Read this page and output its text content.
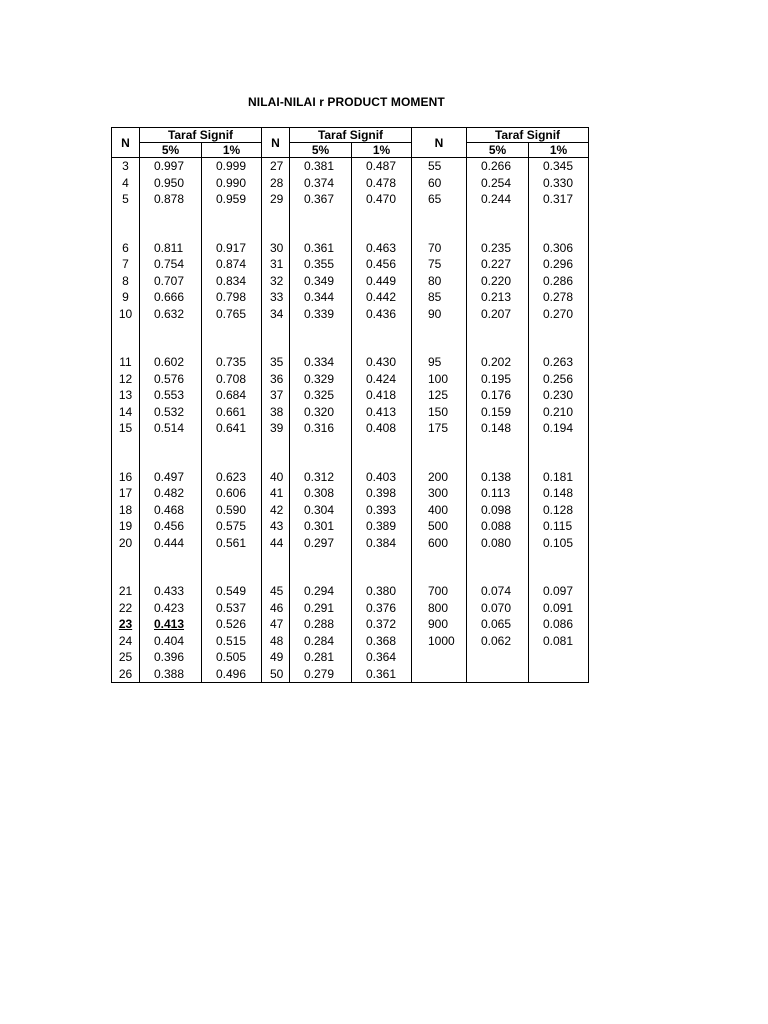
NILAI-NILAI r PRODUCT MOMENT
N	Taraf Signif		N	Taraf Signif		N	Taraf Signif	
	5%	1%		5%	1%		5%	1%
3	0.997	0.999	27	0.381	0.487	55	0.266	0.345
4	0.950	0.990	28	0.374	0.478	60	0.254	0.330
5	0.878	0.959	29	0.367	0.470	65	0.244	0.317

6	0.811	0.917	30	0.361	0.463	70	0.235	0.306
7	0.754	0.874	31	0.355	0.456	75	0.227	0.296
8	0.707	0.834	32	0.349	0.449	80	0.220	0.286
9	0.666	0.798	33	0.344	0.442	85	0.213	0.278
10	0.632	0.765	34	0.339	0.436	90	0.207	0.270

11	0.602	0.735	35	0.334	0.430	95	0.202	0.263
12	0.576	0.708	36	0.329	0.424	100	0.195	0.256
13	0.553	0.684	37	0.325	0.418	125	0.176	0.230
14	0.532	0.661	38	0.320	0.413	150	0.159	0.210
15	0.514	0.641	39	0.316	0.408	175	0.148	0.194

16	0.497	0.623	40	0.312	0.403	200	0.138	0.181
17	0.482	0.606	41	0.308	0.398	300	0.113	0.148
18	0.468	0.590	42	0.304	0.393	400	0.098	0.128
19	0.456	0.575	43	0.301	0.389	500	0.088	0.115
20	0.444	0.561	44	0.297	0.384	600	0.080	0.105

21	0.433	0.549	45	0.294	0.380	700	0.074	0.097
22	0.423	0.537	46	0.291	0.376	800	0.070	0.091
23	0.413	0.526	47	0.288	0.372	900	0.065	0.086
24	0.404	0.515	48	0.284	0.368	1000	0.062	0.081
25	0.396	0.505	49	0.281	0.364			
26	0.388	0.496	50	0.279	0.361			
